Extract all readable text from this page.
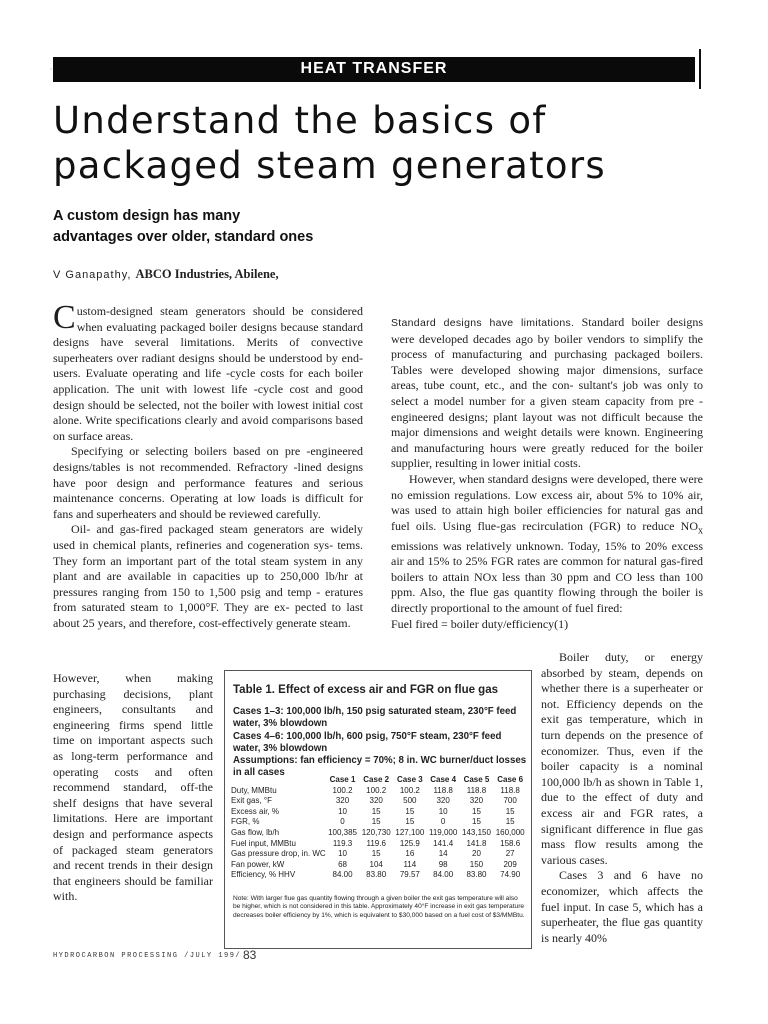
▪	HEAT TRANSFER
Understand the basics of
packaged steam generators
A custom design has many
advantages over older, standard ones
V Ganapathy, ABCO Industries, Abilene,

Custom-designed steam generators should be considered when evaluating packaged boiler designs because standard designs have several limitations. Merits of convective superheaters over radiant designs should be understood by end-users. Evaluate operating and life -cycle costs for each boiler application. The unit with lowest life -cycle cost and good design should be selected, not the boiler with lowest initial cost alone. Write specifications clearly and avoid comparisons based on surface areas.

Specifying or selecting boilers based on pre -engineered designs/tables is not recommended. Refractory -lined designs have poor design and performance features and serious maintenance concerns. Operating at low loads is difficult for fans and superheaters and should be reviewed carefully.

Oil- and gas-fired packaged steam generators are widely used in chemical plants, refineries and cogeneration sys- tems. They form an important part of the total steam system in any plant and are available in capacities up to 250,000 lb/hr at pressures ranging from 150 to 1,500 psig and temp - eratures from saturated steam to 1,000°F. They are ex- pected to last about 25 years, and therefore, cost-effectively generate steam.

However, when making purchasing decisions, plant engineers, consultants and engineering firms spend little time on important aspects such as long-term performance and operating costs and often recommend standard, off-the shelf designs that have several limitations. Here are important design and performance aspects of packaged steam generators and recent trends in their design that engineers should be familiar with.

Standard designs have limitations. Standard boiler designs were developed decades ago by boiler vendors to simplify the process of manufacturing and purchasing packaged boilers. Tables were developed showing major dimensions, surface areas, tube count, etc., and the con- sultant's job was only to select a model number for a given steam capacity from pre -engineered designs; plant layout was not difficult because the major dimensions and weight details were known. Engineering and manufacturing hours were greatly reduced for the boiler supplier, resulting in lower initial costs.

However, when standard designs were developed, there were no emission regulations. Low excess air, about 5% to 10% air, was used to attain high boiler efficiencies for natural gas and fuel oils. Using flue-gas recirculation (FGR) to reduce $NO_x$ emissions was relatively unknown. Today, 15% to 20% excess air and 15% to 25% FGR rates are common for natural gas-fired boilers to attain NOx less than 30 ppm and CO less than 100 ppm. Also, the flue gas quantity flowing through the boiler is directly proportional to the amount of fuel fired:

Fuel fired = boiler duty/efficiency(1)

Boiler duty, or energy absorbed by steam, depends on whether there is a superheater or not. Efficiency depends on the exit gas temperature, which in turn depends on the presence of economizer. Thus, even if the boiler capacity is a nominal 100,000 lb/h as shown in Table 1, due to the effect of duty and excess air and FGR rates, a significant difference in flue gas mass flow results among the various cases.

Cases 3 and 6 have no economizer, which affects the fuel input. In case 5, which has a superheater, the flue gas quantity is nearly 40%

Table 1. Effect of excess air and FGR on flue gas

Cases 1–3: 100,000 lb/h, 150 psig saturated steam, 230°F feed water, 3% blowdown

Cases 4–6: 100,000 lb/h, 600 psig, 750°F steam, 230°F feed water, 3% blowdown

Assumptions: fan efficiency = 70%; 8 in. WC burner/duct losses in all cases

	Case 1	Case 2	Case 3	Case 4	Case 5	Case 6
Duty, MMBtu	100.2	100.2	100.2	118.8	118.8	118.8
Exit gas, °F	320	320	500	320	320	700
Excess air, %	10	15	15	10	15	15
FGR, %	0	15	15	0	15	15
Gas flow, lb/h	100,385	120,730	127,100	119,000	143,150	160,000
Fuel input, MMBtu	119.3	119.6	125.9	141.4	141.8	158.6
Gas pressure drop, in. WC	10	15	16	14	20	27
Fan power, kW	68	104	114	98	150	209
Efficiency, % HHV	84.00	83.80	79.57	84.00	83.80	74.90
Note: With larger flue gas quantity flowing through a given boiler the exit gas temperature will also be higher, which is not considered in this table. Approximately 40°F increase in exit gas temperature decreases boiler efficiency by 1%, which is equivalent to $30,000 based on a fuel cost of $3/MMBtu.
HYDROCARBON PROCESSING /JULY 199/ 83
